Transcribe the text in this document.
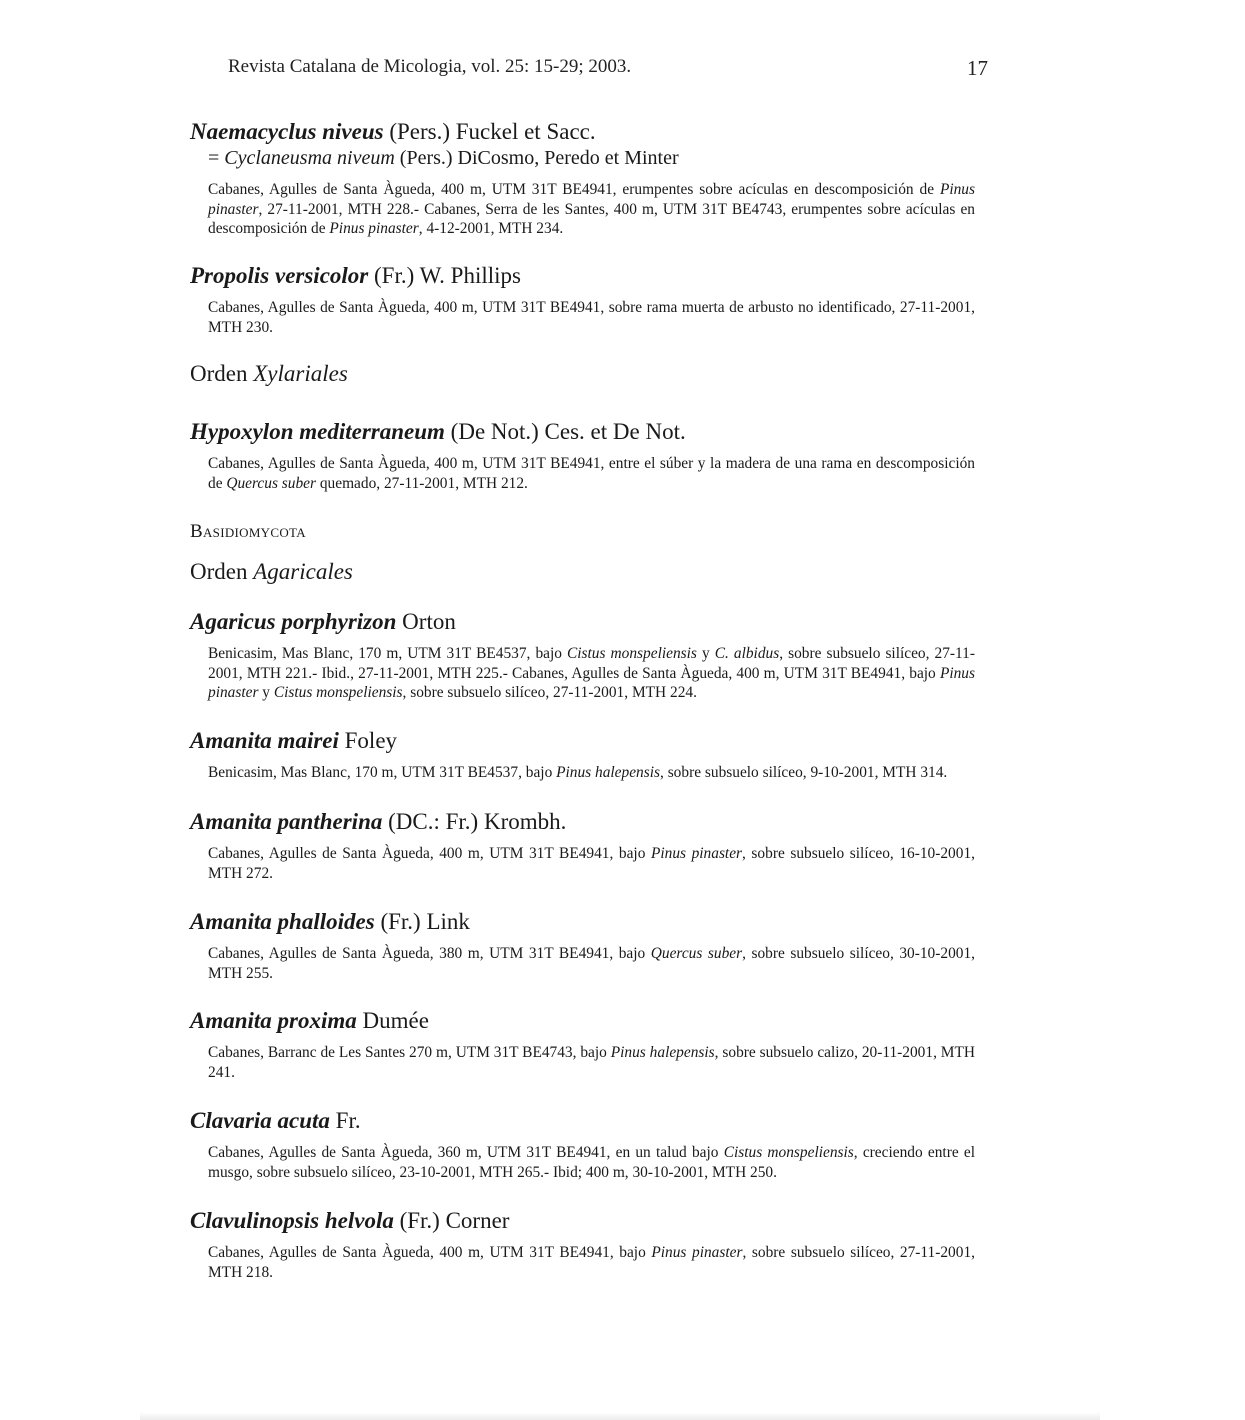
Revista Catalana de Micologia, vol. 25: 15-29; 2003.	17
Naemacyclus niveus (Pers.) Fuckel et Sacc.
= Cyclaneusma niveum (Pers.) DiCosmo, Peredo et Minter
Cabanes, Agulles de Santa Àgueda, 400 m, UTM 31T BE4941, erumpentes sobre acículas en descomposición de Pinus pinaster, 27-11-2001, MTH 228.- Cabanes, Serra de les Santes, 400 m, UTM 31T BE4743, erumpentes sobre acículas en descomposición de Pinus pinaster, 4-12-2001, MTH 234.
Propolis versicolor (Fr.) W. Phillips
Cabanes, Agulles de Santa Àgueda, 400 m, UTM 31T BE4941, sobre rama muerta de arbusto no identificado, 27-11-2001, MTH 230.
Orden Xylariales
Hypoxylon mediterraneum (De Not.) Ces. et De Not.
Cabanes, Agulles de Santa Àgueda, 400 m, UTM 31T BE4941, entre el súber y la madera de una rama en descomposición de Quercus suber quemado, 27-11-2001, MTH 212.
Basidiomycota
Orden Agaricales
Agaricus porphyrizon Orton
Benicasim, Mas Blanc, 170 m, UTM 31T BE4537, bajo Cistus monspeliensis y C. albidus, sobre subsuelo silíceo, 27-11-2001, MTH 221.- Ibid., 27-11-2001, MTH 225.- Cabanes, Agulles de Santa Àgueda, 400 m, UTM 31T BE4941, bajo Pinus pinaster y Cistus monspeliensis, sobre subsuelo silíceo, 27-11-2001, MTH 224.
Amanita mairei Foley
Benicasim, Mas Blanc, 170 m, UTM 31T BE4537, bajo Pinus halepensis, sobre subsuelo silíceo, 9-10-2001, MTH 314.
Amanita pantherina (DC.: Fr.) Krombh.
Cabanes, Agulles de Santa Àgueda, 400 m, UTM 31T BE4941, bajo Pinus pinaster, sobre subsuelo silíceo, 16-10-2001, MTH 272.
Amanita phalloides (Fr.) Link
Cabanes, Agulles de Santa Àgueda, 380 m, UTM 31T BE4941, bajo Quercus suber, sobre subsuelo silíceo, 30-10-2001, MTH 255.
Amanita proxima Dumée
Cabanes, Barranc de Les Santes 270 m, UTM 31T BE4743, bajo Pinus halepensis, sobre subsuelo calizo, 20-11-2001, MTH 241.
Clavaria acuta Fr.
Cabanes, Agulles de Santa Àgueda, 360 m, UTM 31T BE4941, en un talud bajo Cistus monspeliensis, creciendo entre el musgo, sobre subsuelo silíceo, 23-10-2001, MTH 265.- Ibid; 400 m, 30-10-2001, MTH 250.
Clavulinopsis helvola (Fr.) Corner
Cabanes, Agulles de Santa Àgueda, 400 m, UTM 31T BE4941, bajo Pinus pinaster, sobre subsuelo silíceo, 27-11-2001, MTH 218.
